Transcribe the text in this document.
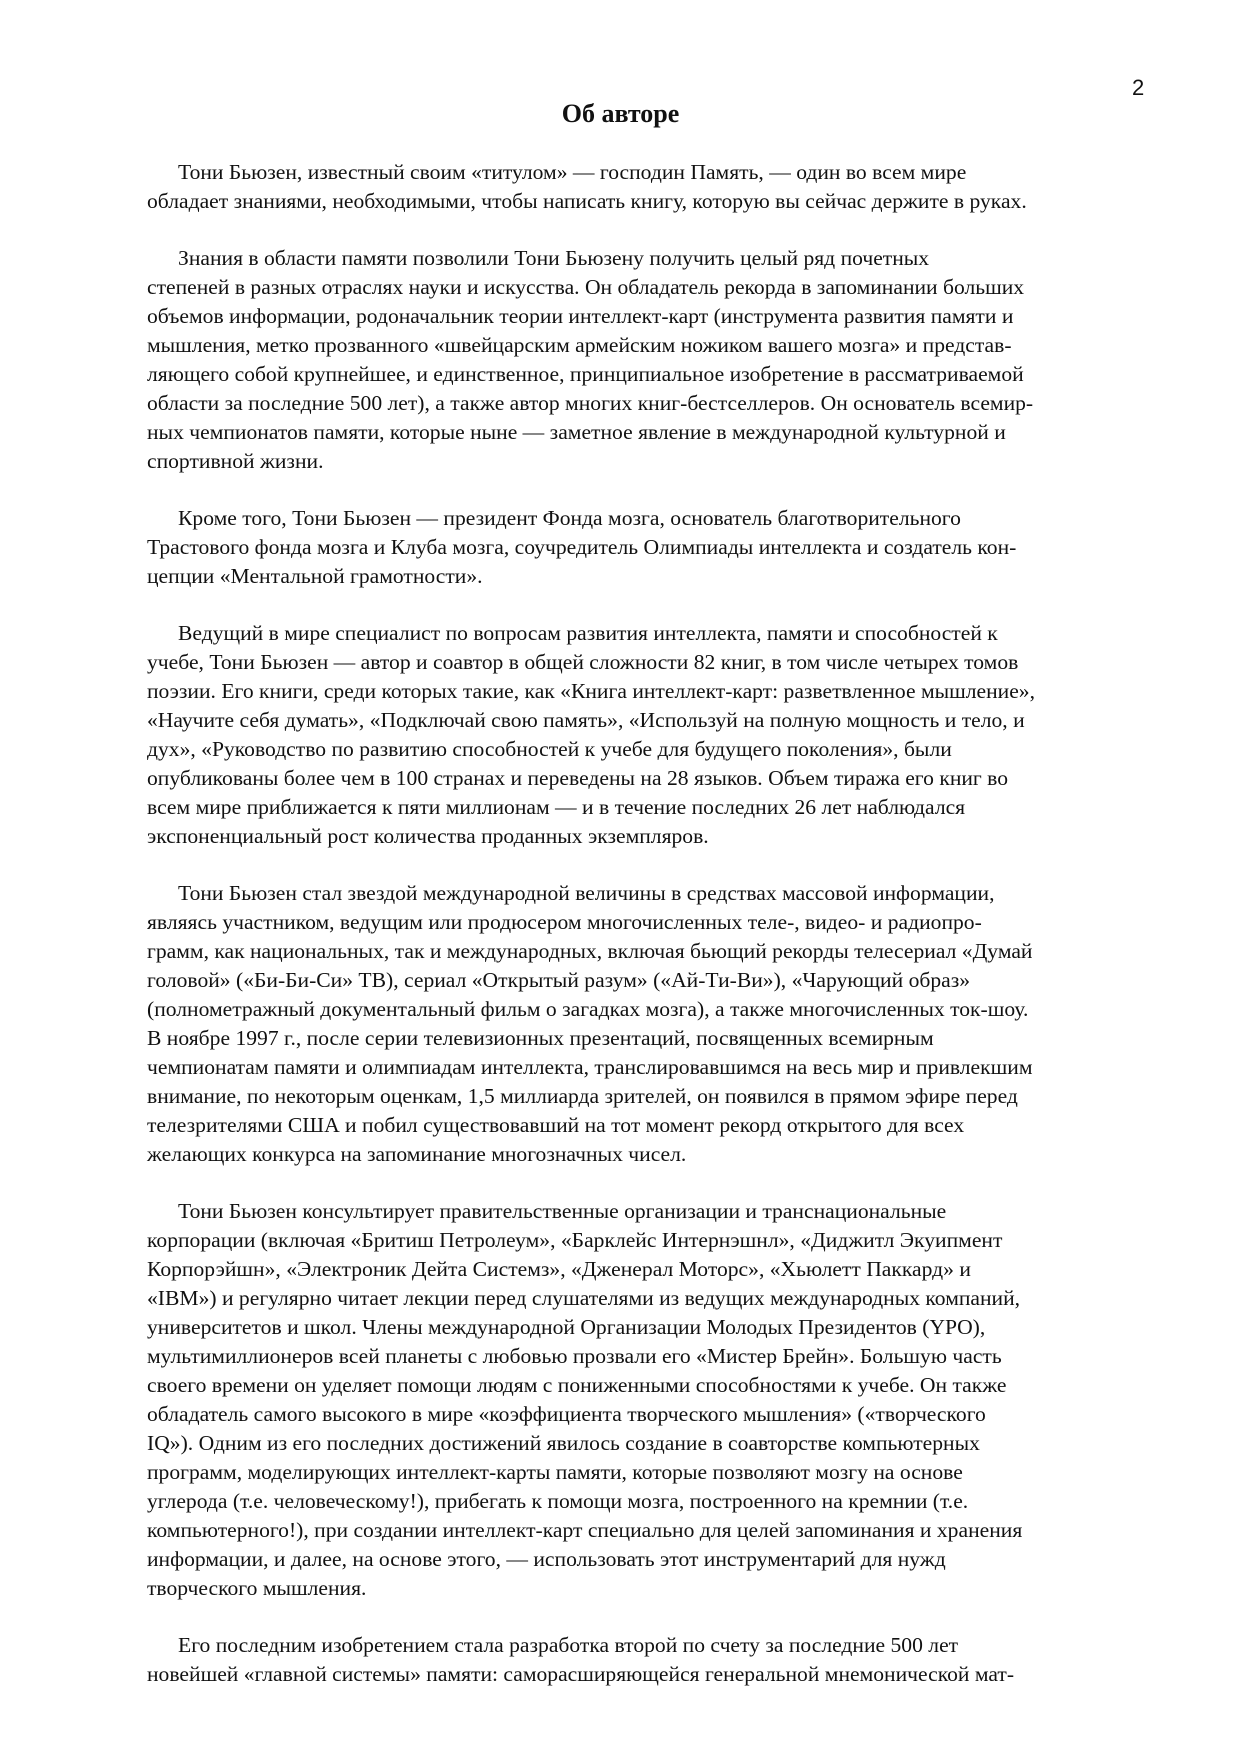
2
Об авторе

Тони Бьюзен, известный своим «титулом» — господин Память, — один во всем мире
обладает знаниями, необходимыми, чтобы написать книгу, которую вы сейчас держите в руках.

Знания в области памяти позволили Тони Бьюзену получить целый ряд почетных
степеней в разных отраслях науки и искусства. Он обладатель рекорда в запоминании больших
объемов информации, родоначальник теории интеллект-карт (инструмента развития памяти и
мышления, метко прозванного «швейцарским армейским ножиком вашего мозга» и представ-
ляющего собой крупнейшее, и единственное, принципиальное изобретение в рассматриваемой
области за последние 500 лет), а также автор многих книг-бестселлеров. Он основатель всемир-
ных чемпионатов памяти, которые ныне — заметное явление в международной культурной и
спортивной жизни.

Кроме того, Тони Бьюзен — президент Фонда мозга, основатель благотворительного
Трастового фонда мозга и Клуба мозга, соучредитель Олимпиады интеллекта и создатель кон-
цепции «Ментальной грамотности».

Ведущий в мире специалист по вопросам развития интеллекта, памяти и способностей к
учебе, Тони Бьюзен — автор и соавтор в общей сложности 82 книг, в том числе четырех томов
поэзии. Его книги, среди которых такие, как «Книга интеллект-карт: разветвленное мышление»,
«Научите себя думать», «Подключай свою память», «Используй на полную мощность и тело, и
дух», «Руководство по развитию способностей к учебе для будущего поколения», были
опубликованы более чем в 100 странах и переведены на 28 языков. Объем тиража его книг во
всем мире приближается к пяти миллионам — и в течение последних 26 лет наблюдался
экспоненциальный рост количества проданных экземпляров.

Тони Бьюзен стал звездой международной величины в средствах массовой информации,
являясь участником, ведущим или продюсером многочисленных теле-, видео- и радиопро-
грамм, как национальных, так и международных, включая бьющий рекорды телесериал «Думай
головой» («Би-Би-Си» ТВ), сериал «Открытый разум» («Ай-Ти-Ви»), «Чарующий образ»
(полнометражный документальный фильм о загадках мозга), а также многочисленных ток-шоу.
В ноябре 1997 г., после серии телевизионных презентаций, посвященных всемирным
чемпионатам памяти и олимпиадам интеллекта, транслировавшимся на весь мир и привлекшим
внимание, по некоторым оценкам, 1,5 миллиарда зрителей, он появился в прямом эфире перед
телезрителями США и побил существовавший на тот момент рекорд открытого для всех
желающих конкурса на запоминание многозначных чисел.

Тони Бьюзен консультирует правительственные организации и транснациональные
корпорации (включая «Бритиш Петролеум», «Барклейс Интернэшнл», «Диджитл Экуипмент
Корпорэйшн», «Электроник Дейта Системз», «Дженерал Моторс», «Хьюлетт Паккард» и
«IBM») и регулярно читает лекции перед слушателями из ведущих международных компаний,
университетов и школ. Члены международной Организации Молодых Президентов (YPO),
мультимиллионеров всей планеты с любовью прозвали его «Мистер Брейн». Большую часть
своего времени он уделяет помощи людям с пониженными способностями к учебе. Он также
обладатель самого высокого в мире «коэффициента творческого мышления» («творческого
IQ»). Одним из его последних достижений явилось создание в соавторстве компьютерных
программ, моделирующих интеллект-карты памяти, которые позволяют мозгу на основе
углерода (т.е. человеческому!), прибегать к помощи мозга, построенного на кремнии (т.е.
компьютерного!), при создании интеллект-карт специально для целей запоминания и хранения
информации, и далее, на основе этого, — использовать этот инструментарий для нужд
творческого мышления.

Его последним изобретением стала разработка второй по счету за последние 500 лет
новейшей «главной системы» памяти: саморасширяющейся генеральной мнемонической мат-
